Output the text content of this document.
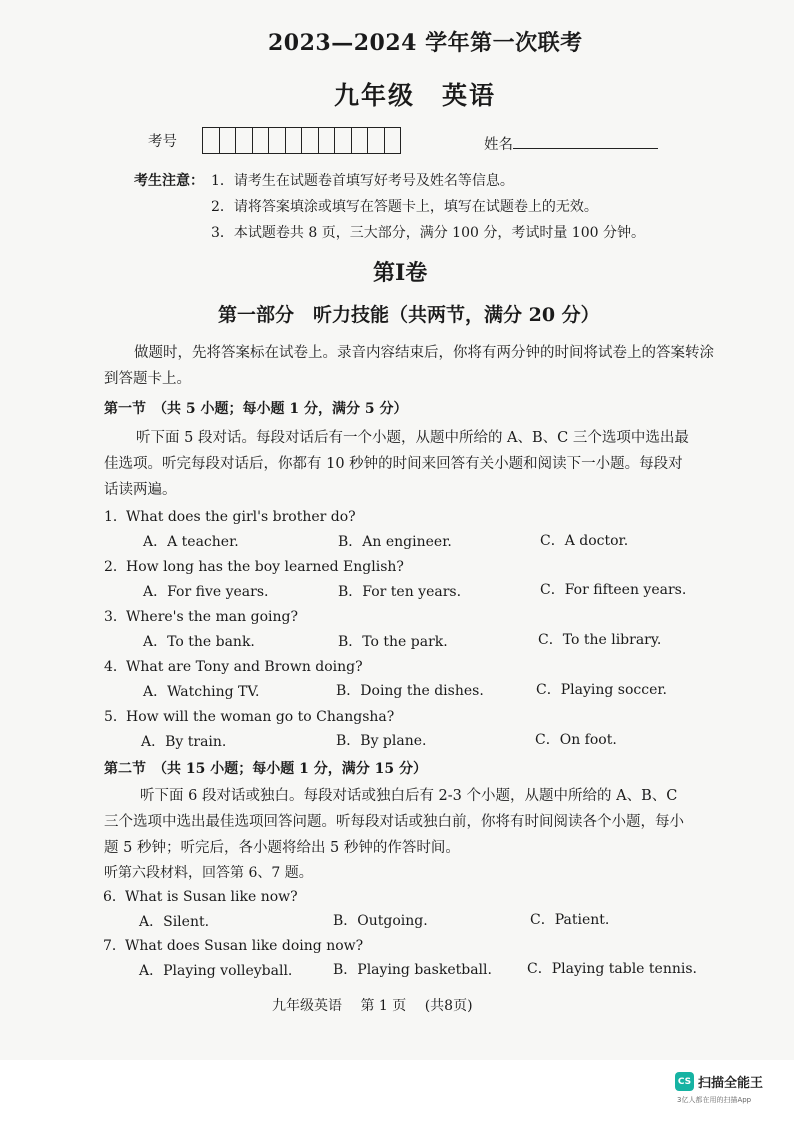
2023—2024 学年第一次联考
九年级　英语
考号	姓名
考生注意： 1．请考生在试题卷首填写好考号及姓名等信息。
2．请将答案填涂或填写在答题卡上，填写在试题卷上的无效。
3．本试题卷共 8 页，三大部分，满分 100 分，考试时量 100 分钟。
第Ⅰ卷
第一部分　听力技能（共两节，满分 20 分）
做题时，先将答案标在试卷上。录音内容结束后，你将有两分钟的时间将试卷上的答案转涂到答题卡上。
第一节　（共 5 小题；每小题 1 分，满分 5 分）
听下面 5 段对话。每段对话后有一个小题，从题中所给的 A、B、C 三个选项中选出最佳选项。听完每段对话后，你都有 10 秒钟的时间来回答有关小题和阅读下一小题。每段对话读两遍。
1．What does the girl's brother do?
A．A teacher.	B．An engineer.	C．A doctor.
2．How long has the boy learned English?
A．For five years.	B．For ten years.	C．For fifteen years.
3．Where's the man going?
A．To the bank.	B．To the park.	C．To the library.
4．What are Tony and Brown doing?
A．Watching TV.	B．Doing the dishes.	C．Playing soccer.
5．How will the woman go to Changsha?
A．By train.	B．By plane.	C．On foot.
第二节　（共 15 小题；每小题 1 分，满分 15 分）
听下面 6 段对话或独白。每段对话或独白后有 2-3 个小题，从题中所给的 A、B、C 三个选项中选出最佳选项回答问题。听每段对话或独白前，你将有时间阅读各个小题，每小题 5 秒钟；听完后，各小题将给出 5 秒钟的作答时间。
听第六段材料，回答第 6、7 题。
6．What is Susan like now?
A．Silent.	B．Outgoing.	C．Patient.
7．What does Susan like doing now?
A．Playing volleyball.	B．Playing basketball.	C．Playing table tennis.
九年级英语　 第 1 页　 (共8页)
CS 扫描全能王
3亿人都在用的扫描App
